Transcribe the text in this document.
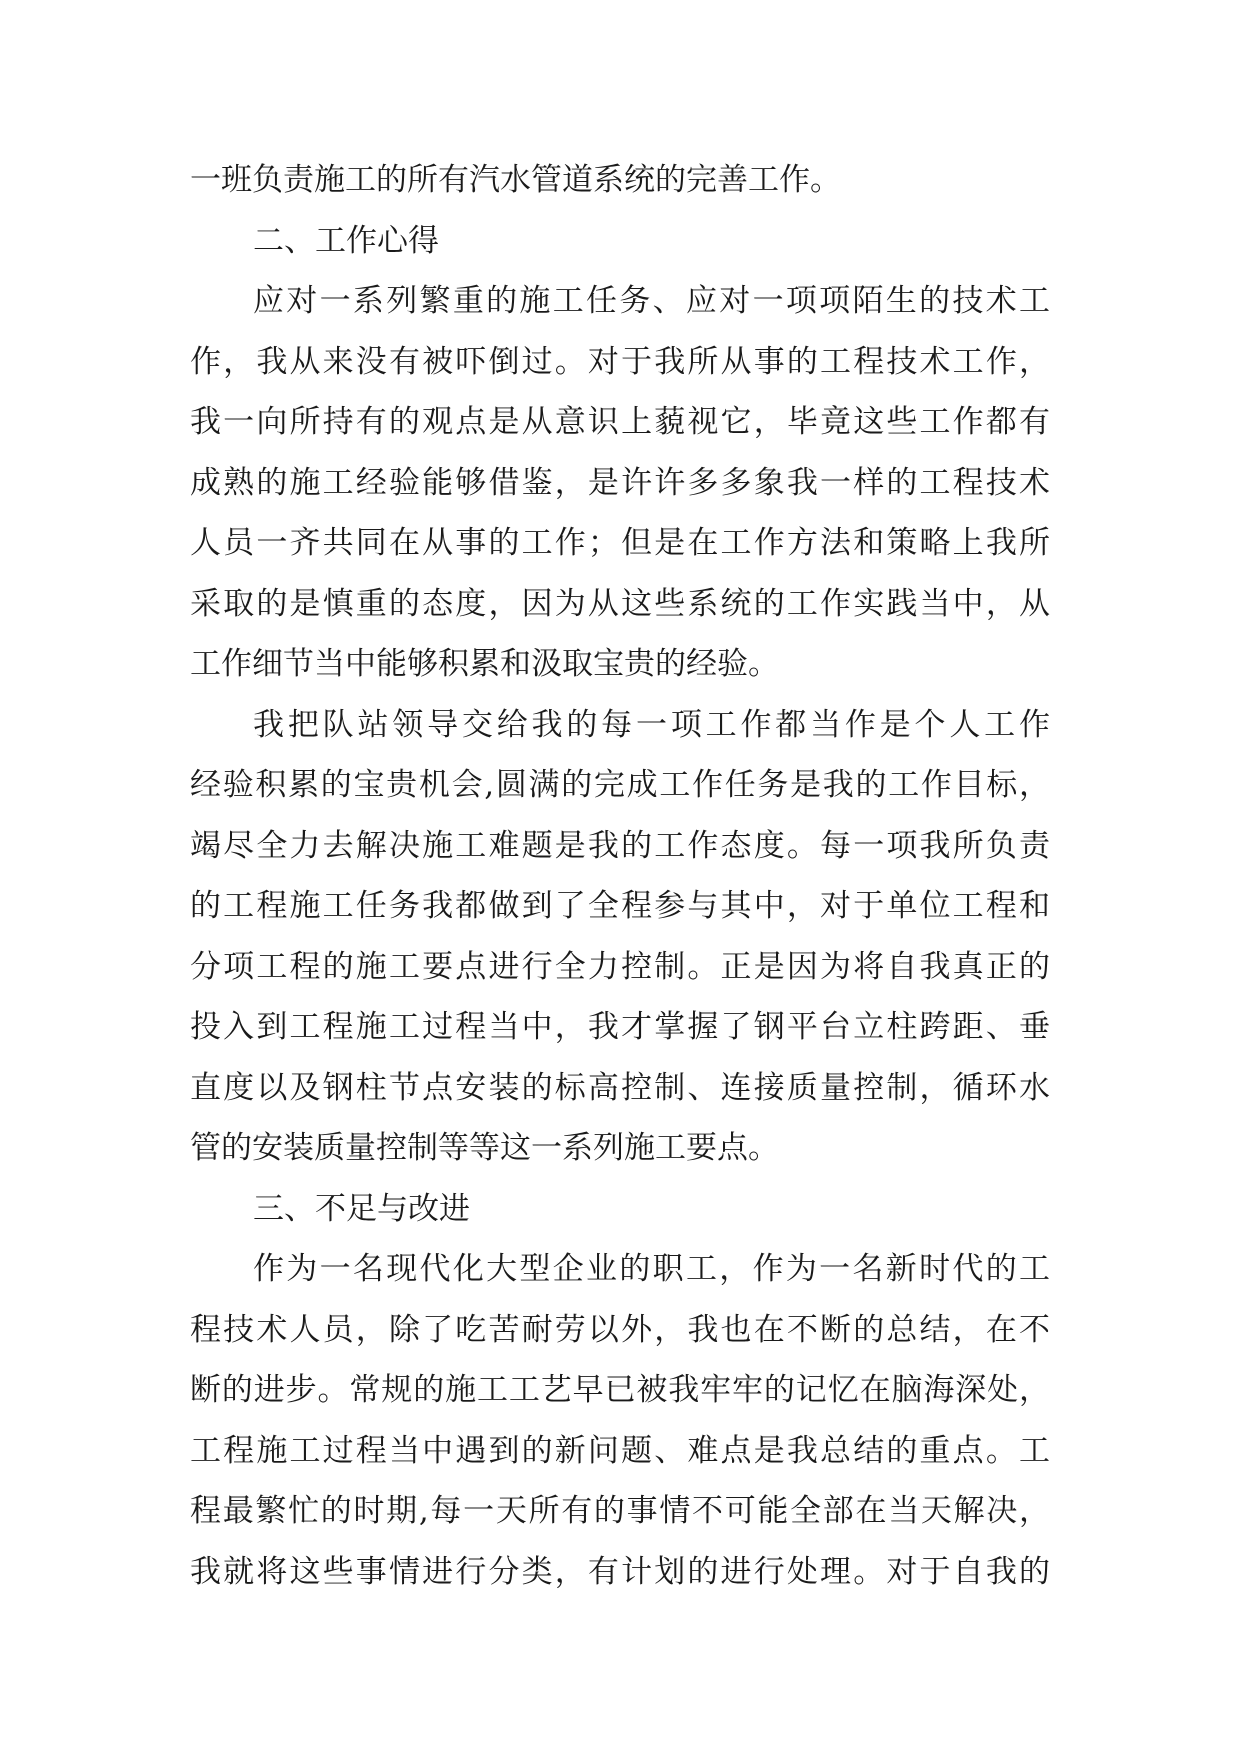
一班负责施工的所有汽水管道系统的完善工作。
二、工作心得
应对一系列繁重的施工任务、应对一项项陌生的技术工
作，我从来没有被吓倒过。对于我所从事的工程技术工作，
我一向所持有的观点是从意识上藐视它，毕竟这些工作都有
成熟的施工经验能够借鉴，是许许多多象我一样的工程技术
人员一齐共同在从事的工作；但是在工作方法和策略上我所
采取的是慎重的态度，因为从这些系统的工作实践当中，从
工作细节当中能够积累和汲取宝贵的经验。
我把队站领导交给我的每一项工作都当作是个人工作
经验积累的宝贵机会,圆满的完成工作任务是我的工作目标，
竭尽全力去解决施工难题是我的工作态度。每一项我所负责
的工程施工任务我都做到了全程参与其中，对于单位工程和
分项工程的施工要点进行全力控制。正是因为将自我真正的
投入到工程施工过程当中，我才掌握了钢平台立柱跨距、垂
直度以及钢柱节点安装的标高控制、连接质量控制，循环水
管的安装质量控制等等这一系列施工要点。
三、不足与改进
作为一名现代化大型企业的职工，作为一名新时代的工
程技术人员，除了吃苦耐劳以外，我也在不断的总结，在不
断的进步。常规的施工工艺早已被我牢牢的记忆在脑海深处，
工程施工过程当中遇到的新问题、难点是我总结的重点。工
程最繁忙的时期,每一天所有的事情不可能全部在当天解决，
我就将这些事情进行分类，有计划的进行处理。对于自我的
